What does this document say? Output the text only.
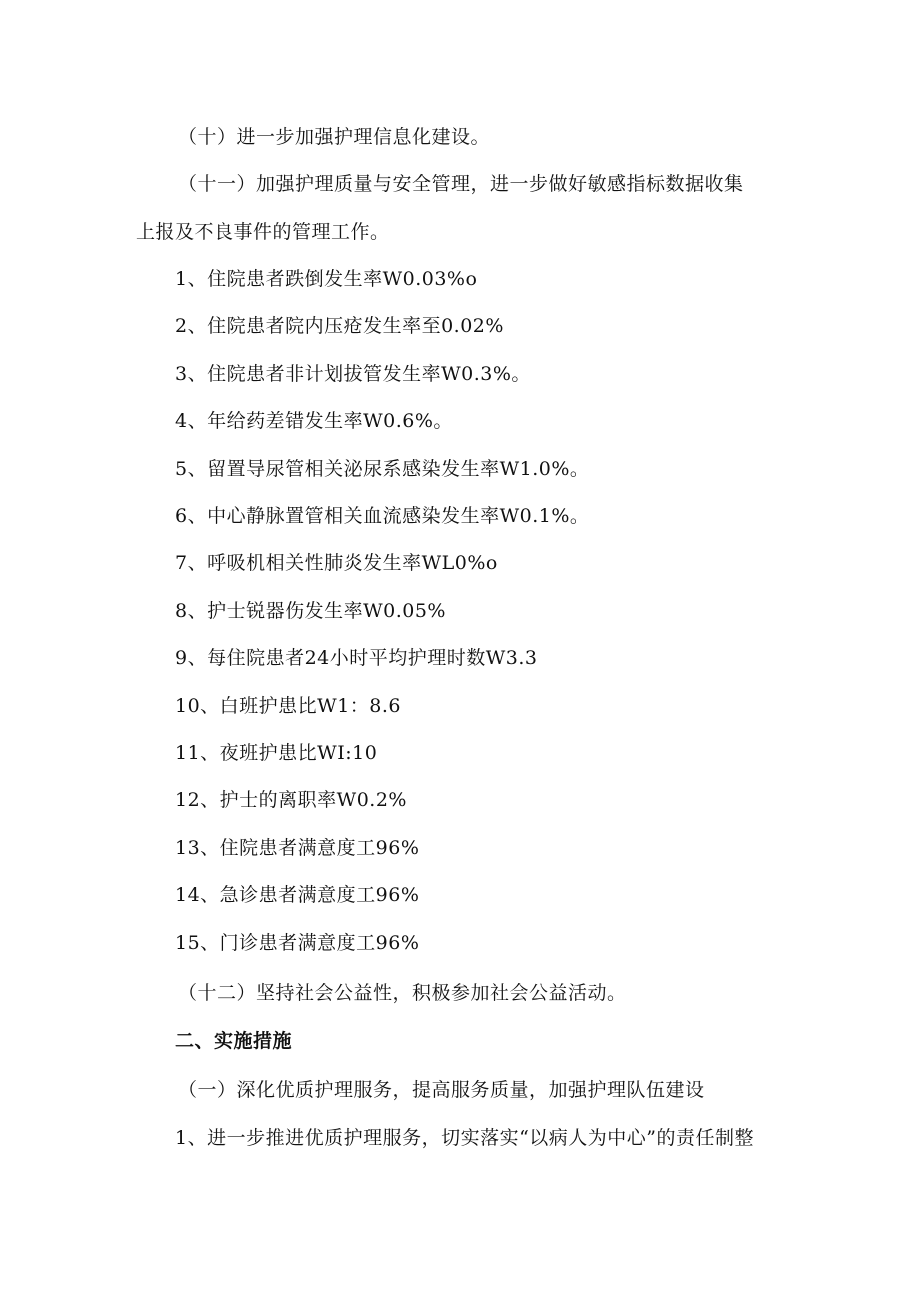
（十）进一步加强护理信息化建设。
（十一）加强护理质量与安全管理，进一步做好敏感指标数据收集
上报及不良事件的管理工作。
1、住院患者跌倒发生率W0.03%o
2、住院患者院内压疮发生率至0.02%
3、住院患者非计划拔管发生率W0.3%。
4、年给药差错发生率W0.6%。
5、留置导尿管相关泌尿系感染发生率W1.0%。
6、中心静脉置管相关血流感染发生率W0.1%。
7、呼吸机相关性肺炎发生率WL0%o
8、护士锐器伤发生率W0.05%
9、每住院患者24小时平均护理时数W3.3
10、白班护患比W1：8.6
11、夜班护患比WI:10
12、护士的离职率W0.2%
13、住院患者满意度工96%
14、急诊患者满意度工96%
15、门诊患者满意度工96%
（十二）坚持社会公益性，积极参加社会公益活动。
二、实施措施
（一）深化优质护理服务，提高服务质量，加强护理队伍建设
1、进一步推进优质护理服务，切实落实“以病人为中心”的责任制整
